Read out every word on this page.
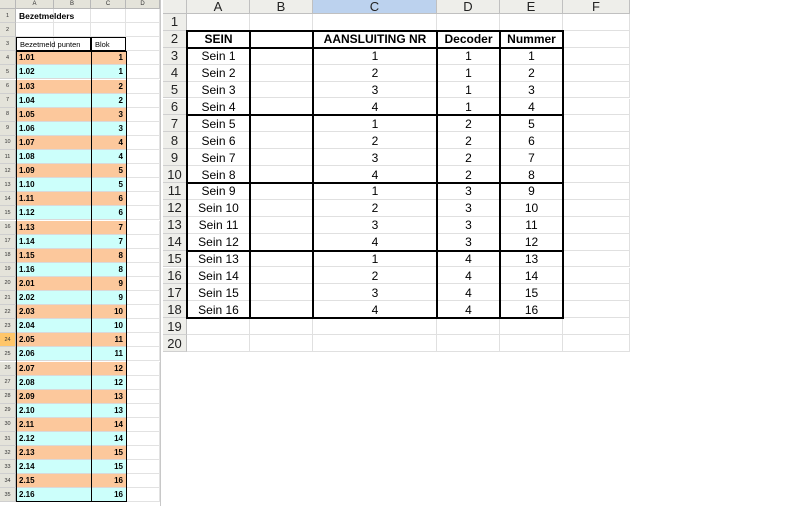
A	B	C	D
1
2
3
4
5
6
7
8
9
10
11
12
13
14
15
16
17
18
19
20
21
22
23
24
25
26
27
28
29
30
31
32
33
34
35
Bezetmelders
Bezetmeld punten	Blok
1.01	1
1.02	1
1.03	2
1.04	2
1.05	3
1.06	3
1.07	4
1.08	4
1.09	5
1.10	5
1.11	6
1.12	6
1.13	7
1.14	7
1.15	8
1.16	8
2.01	9
2.02	9
2.03	10
2.04	10
2.05	11
2.06	11
2.07	12
2.08	12
2.09	13
2.10	13
2.11	14
2.12	14
2.13	15
2.14	15
2.15	16
2.16	16
A	B	C	D	E	F
1
2
3
4
5
6
7
8
9
10
11
12
13
14
15
16
17
18
19
20
SEIN	AANSLUITING NR	Decoder	Nummer
Sein 1	1	1	1
Sein 2	2	1	2
Sein 3	3	1	3
Sein 4	4	1	4
Sein 5	1	2	5
Sein 6	2	2	6
Sein 7	3	2	7
Sein 8	4	2	8
Sein 9	1	3	9
Sein 10	2	3	10
Sein 11	3	3	11
Sein 12	4	3	12
Sein 13	1	4	13
Sein 14	2	4	14
Sein 15	3	4	15
Sein 16	4	4	16
